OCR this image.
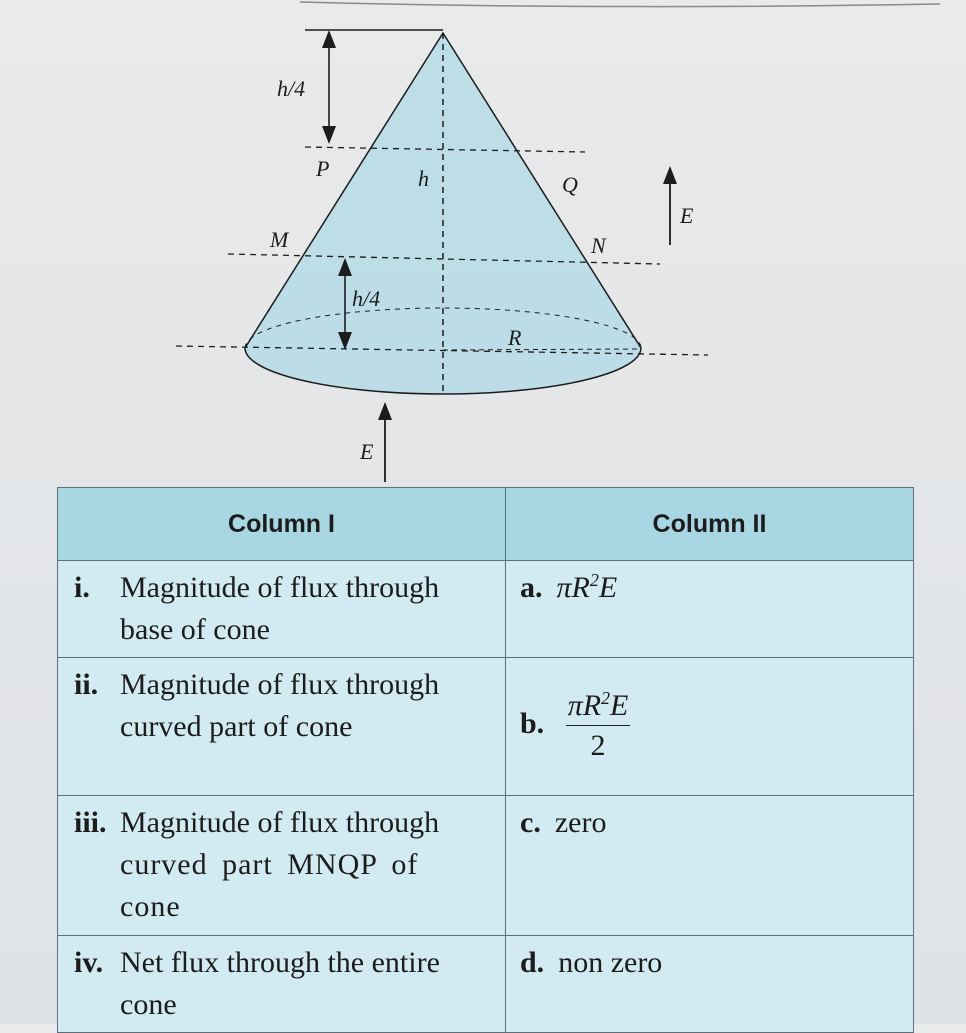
h/4
P
Q
h
M	N
h/4
R
E
E
Column I	Column II

i. Magnitude of flux through base of cone	a. $\pi R^2E$

ii. Magnitude of flux through curved part of cone	b. $\frac{\pi R^2E}{2}$

iii. Magnitude of flux through curved part MNQP of cone	c. zero

iv. Net flux through the entire cone	d. non zero
